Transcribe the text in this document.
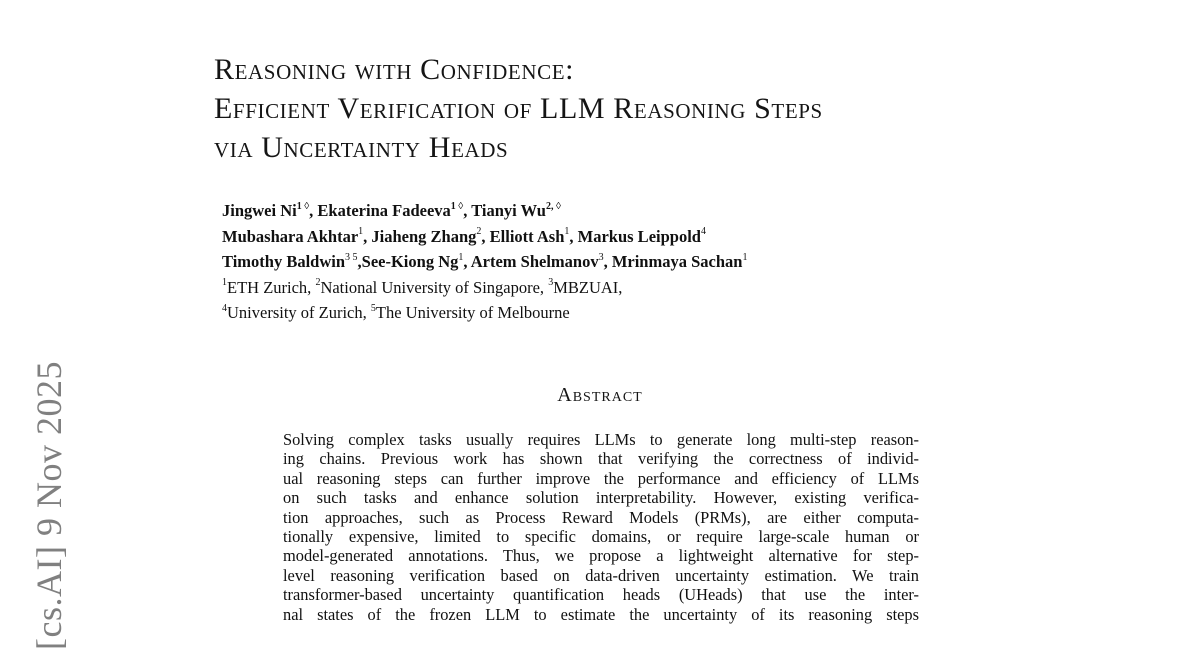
Reasoning with Confidence:
Efficient Verification of LLM Reasoning Steps
via Uncertainty Heads
Jingwei $Ni^{1 ◊}$, Ekaterina Fadeeva$^{1 ◊}$, Tianyi $Wu^{2, ◊}$
Mubashara Akhtar$^1$, Jiaheng Zhang$^2$, Elliott Ash$^1$, Markus Leippold$^4$
Timothy Baldwin$^{3 5}$,See-Kiong Ng$^1$, Artem Shelmanov$^3$, Mrinmaya Sachan$^1$
$^1$ETH Zurich, $^2$National University of Singapore, $^3$MBZUAI,
$^4$University of Zurich, $^5$The University of Melbourne
Abstract
Solving complex tasks usually requires LLMs to generate long multi-step reason-
ing chains. Previous work has shown that verifying the correctness of individ-
ual reasoning steps can further improve the performance and efficiency of LLMs
on such tasks and enhance solution interpretability. However, existing verifica-
tion approaches, such as Process Reward Models (PRMs), are either computa-
tionally expensive, limited to specific domains, or require large-scale human or
model-generated annotations. Thus, we propose a lightweight alternative for step-
level reasoning verification based on data-driven uncertainty estimation. We train
transformer-based uncertainty quantification heads (UHeads) that use the inter-
nal states of the frozen LLM to estimate the uncertainty of its reasoning steps
[cs.AI] 9 Nov 2025
